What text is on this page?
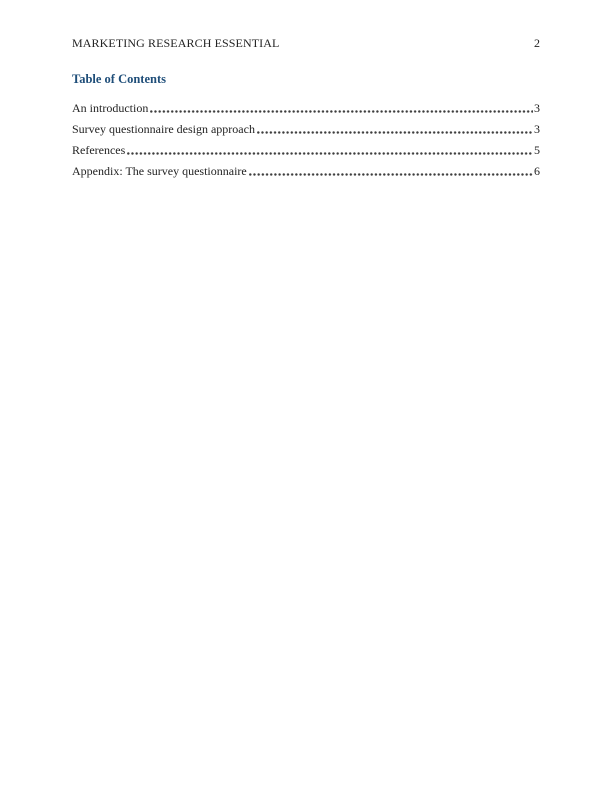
MARKETING RESEARCH ESSENTIAL	2
Table of Contents
An introduction	3
Survey questionnaire design approach	3
References	5
Appendix: The survey questionnaire	6
